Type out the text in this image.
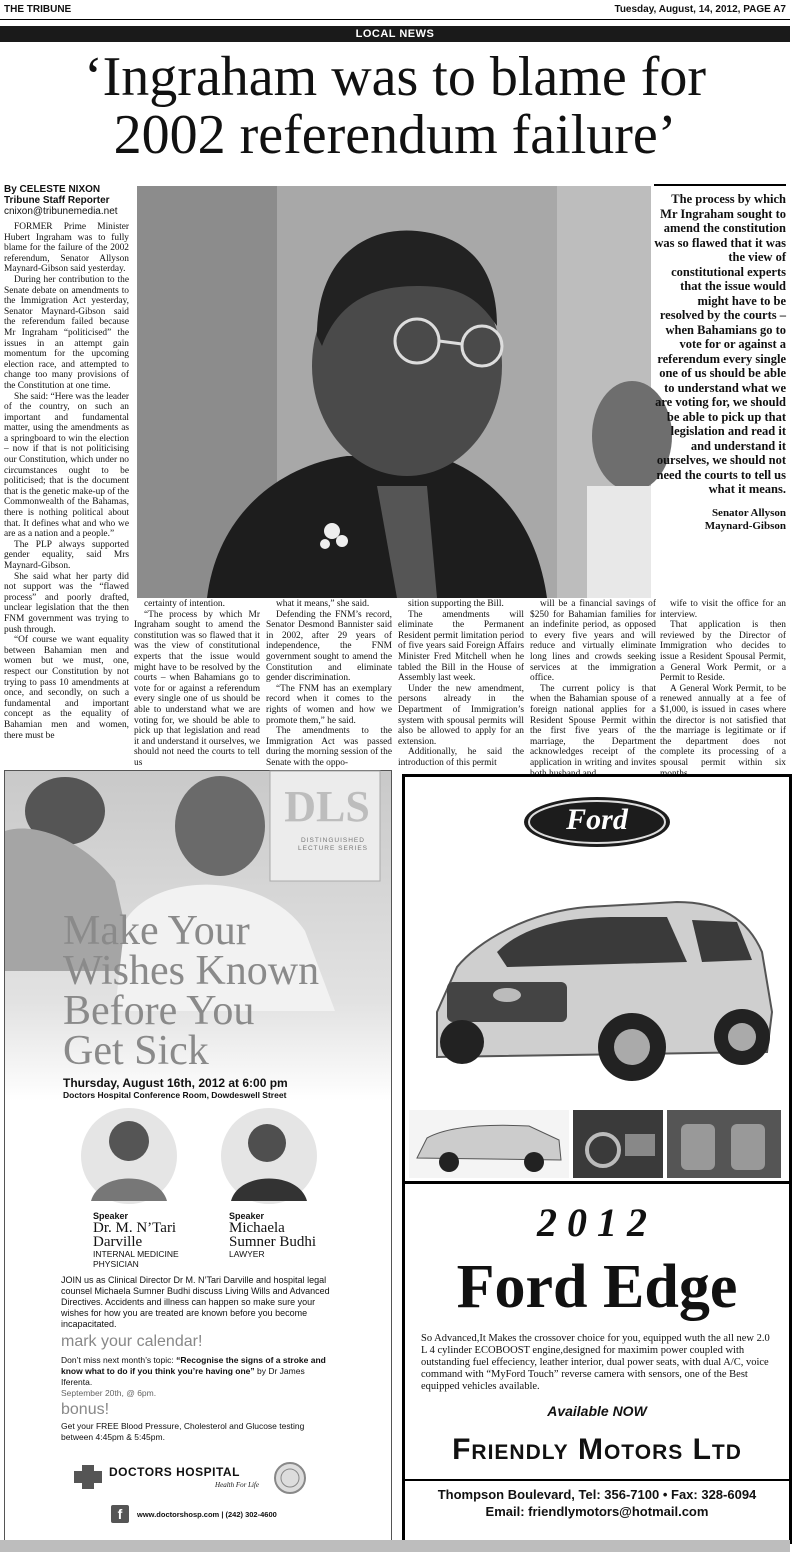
THE TRIBUNE	Tuesday, August, 14, 2012, PAGE A7
LOCAL NEWS
‘Ingraham was to blame for
2002 referendum failure’
By CELESTE NIXON
Tribune Staff Reporter
cnixon@tribunemedia.net

FORMER Prime Minister Hubert Ingraham was to fully blame for the failure of the 2002 referendum, Senator Allyson Maynard-Gibson said yesterday.

During her contribution to the Senate debate on amendments to the Immigration Act yesterday, Senator Maynard-Gibson said the referendum failed because Mr Ingraham “politicised” the issues in an attempt gain momentum for the upcoming election race, and attempted to change too many provisions of the Constitution at one time.

She said: “Here was the leader of the country, on such an important and fundamental matter, using the amendments as a springboard to win the election – now if that is not politicising our Constitution, which under no circumstances ought to be politicised; that is the document that is the genetic make-up of the Commonwealth of the Bahamas, there is nothing political about that. It defines what and who we are as a nation and a people.”

The PLP always supported gender equality, said Mrs Maynard-Gibson.

She said what her party did not support was the “flawed process” and poorly drafted, unclear legislation that the then FNM government was trying to push through.

“Of course we want equality between Bahamian men and women but we must, one, respect our Constitution by not trying to pass 10 amendments at once, and secondly, on such a fundamental and important concept as the equality of Bahamian men and women, there must be

The process by which Mr Ingraham sought to amend the constitution was so flawed that it was the view of constitutional experts that the issue would might have to be resolved by the courts – when Bahamians go to vote for or against a referendum every single one of us should be able to understand what we are voting for, we should be able to pick up that legislation and read it and understand it ourselves, we should not need the courts to tell us what it means.
Senator Allyson
Maynard-Gibson

certainty of intention.

“The process by which Mr Ingraham sought to amend the constitution was so flawed that it was the view of constitutional experts that the issue would might have to be resolved by the courts – when Bahamians go to vote for or against a referendum every single one of us should be able to understand what we are voting for, we should be able to pick up that legislation and read it and understand it ourselves, we should not need the courts to tell us

what it means,” she said.

Defending the FNM’s record, Senator Desmond Bannister said in 2002, after 29 years of independence, the FNM government sought to amend the Constitution and eliminate gender discrimination.

“The FNM has an exemplary record when it comes to the rights of women and how we promote them,” he said.

The amendments to the Immigration Act was passed during the morning session of the Senate with the oppo-

sition supporting the Bill.

The amendments will eliminate the Permanent Resident permit limitation period of five years said Foreign Affairs Minister Fred Mitchell when he tabled the Bill in the House of Assembly last week.

Under the new amendment, persons already in the Department of Immigration’s system with spousal permits will also be allowed to apply for an extension.

Additionally, he said the introduction of this permit

will be a financial savings of $250 for Bahamian families for an indefinite period, as opposed to every five years and will reduce and virtually eliminate long lines and crowds seeking services at the immigration office.

The current policy is that when the Bahamian spouse of a foreign national applies for a Resident Spouse Permit within the first five years of the marriage, the Department acknowledges receipt of the application in writing and invites

wife to visit the office for an interview.

That application is then reviewed by the Director of Immigration who decides to issue a Resident Spousal Permit, a General Work Permit, or a Permit to Reside.

A General Work Permit, to be renewed annually at a fee of $1,000, is issued in cases where the director is not satisfied that the marriage is legitimate or if the department does not complete its processing of a spousal permit within six

DLS
DISTINGUISHED LECTURE SERIES
Make Your
Wishes Known
Before You
Get Sick
Thursday, August 16th, 2012 at 6:00 pm
Doctors Hospital Conference Room, Dowdeswell Street
Speaker
Dr. M. N’Tari
Darville
INTERNAL MEDICINE
PHYSICIAN
Speaker
Michaela
Sumner Budhi
LAWYER
JOIN us as Clinical Director Dr M. N’Tari Darville and hospital legal counsel Michaela Sumner Budhi discuss Living Wills and Advanced Directives. Accidents and illness can happen so make sure your wishes for how you are treated are known before you become incapacitated.
mark your calendar!
Don’t miss next month’s topic: “Recognise the signs of a stroke and know what to do if you think you’re having one” by Dr James Iferenta.
September 20th, @ 6pm.
bonus!
Get your FREE Blood Pressure, Cholesterol and Glucose testing between 4:45pm & 5:45pm.
DOCTORS HOSPITAL
Health For Life
f	www.doctorshosp.com | (242) 302-4600
Ford
2012
Ford Edge
So Advanced,It Makes the crossover choice for you, equipped wuth the all new 2.0 L 4 cylinder ECOBOOST engine,designed for maximim power coupled with outstanding fuel effeciency, leather interior, dual power seats, with dual A/C, voice command with “MyFord Touch” reverse camera with sensors, one of the Best equipped vehicles available.
Available NOW
Friendly Motors Ltd
Thompson Boulevard, Tel: 356-7100 • Fax: 328-6094
Email: friendlymotors@hotmail.com
